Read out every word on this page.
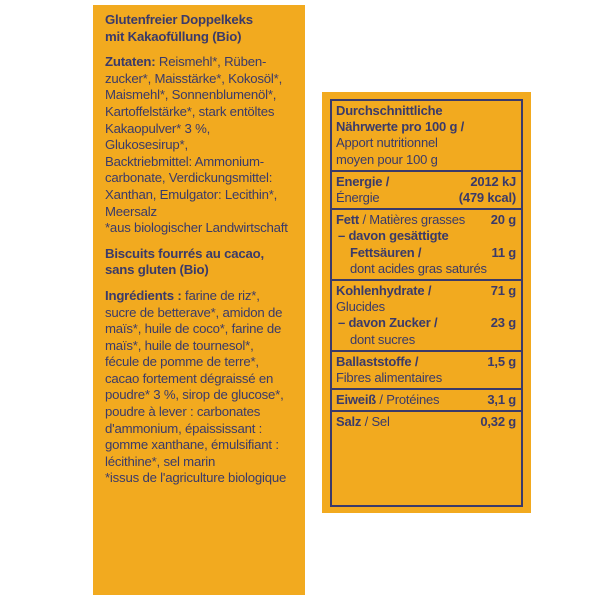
Glutenfreier Doppelkeks

mit Kakaofüllung (Bio)

Zutaten: Reismehl*, Rüben-

zucker*, Maisstärke*, Kokosöl*,

Maismehl*, Sonnenblumenöl*,

Kartoffelstärke*, stark entöltes

Kakaopulver* 3 %, Glukosesirup*,

Backtriebmittel: Ammonium-

carbonate, Verdickungsmittel:

Xanthan, Emulgator: Lecithin*,

Meersalz

*aus biologischer Landwirtschaft

Biscuits fourrés au cacao,

sans gluten (Bio)

Ingrédients : farine de riz*,

sucre de betterave*, amidon de

maïs*, huile de coco*, farine de

maïs*, huile de tournesol*,

fécule de pomme de terre*,

cacao fortement dégraissé en

poudre* 3 %, sirop de glucose*,

poudre à lever : carbonates

d'ammonium, épaississant :

gomme xanthane, émulsifiant :

lécithine*, sel marin

*issus de l'agriculture biologique

Durchschnittliche
Nährwerte pro 100 g /
Apport nutritionnel
moyen pour 100 g
Energie /	2012 kJ
Énergie	(479 kcal)
Fett / Matières grasses 20 g
– davon gesättigte
Fettsäuren /	11 g
dont acides gras saturés
Kohlenhydrate /	71 g
Glucides
– davon Zucker /	23 g
dont sucres
Ballaststoffe /	1,5 g
Fibres alimentaires
Eiweiß / Protéines	3,1 g
Salz / Sel	0,32 g
